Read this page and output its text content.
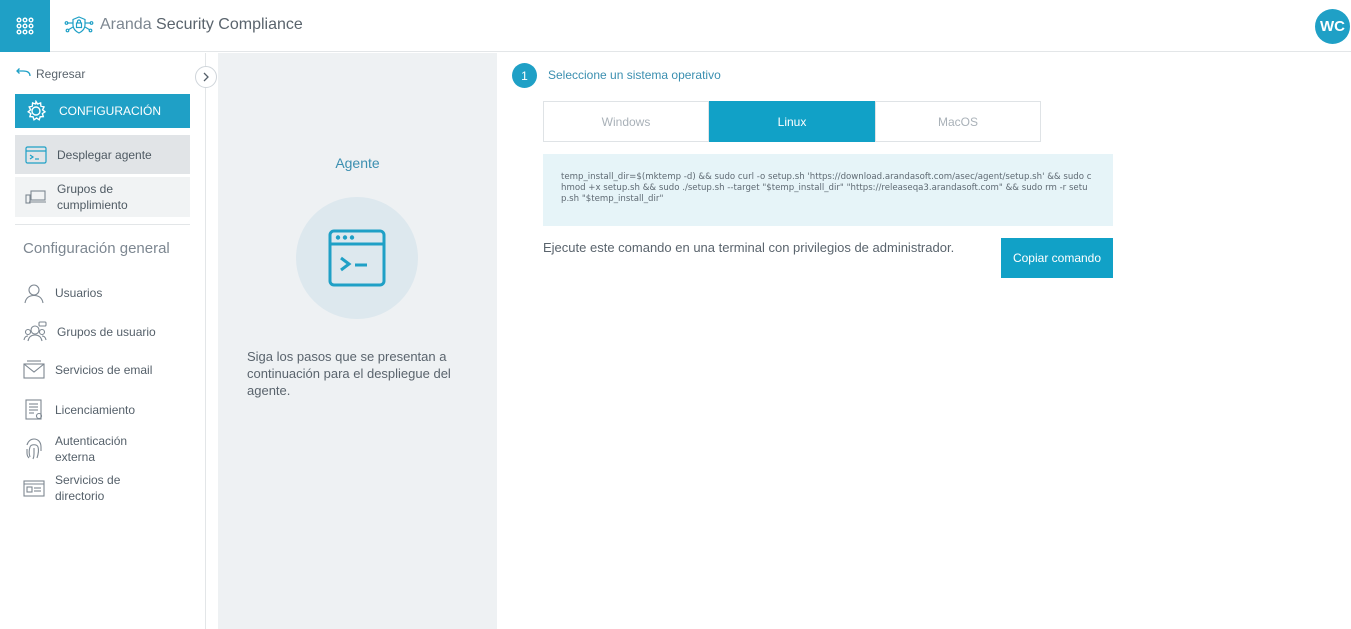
Aranda Security Compliance	WC
Regresar
CONFIGURACIÓN
Desplegar agente
Grupos de
cumplimiento
Configuración general
Usuarios
Grupos de usuario
Servicios de email
Licenciamiento
Autenticación
externa
Servicios de
directorio
Agente
Siga los pasos que se presentan a continuación para el despliegue del agente.
1	Seleccione un sistema operativo
Windows	Linux	MacOS
temp_install_dir=$(mktemp -d) && sudo curl -o setup.sh 'https://download.arandasoft.com/asec/agent/setup.sh' && sudo chmod +x setup.sh && sudo ./setup.sh --target "$temp_install_dir" "https://releaseqa3.arandasoft.com" && sudo rm -r setup.sh "$temp_install_dir"
Ejecute este comando en una terminal con privilegios de administrador.
Copiar comando
